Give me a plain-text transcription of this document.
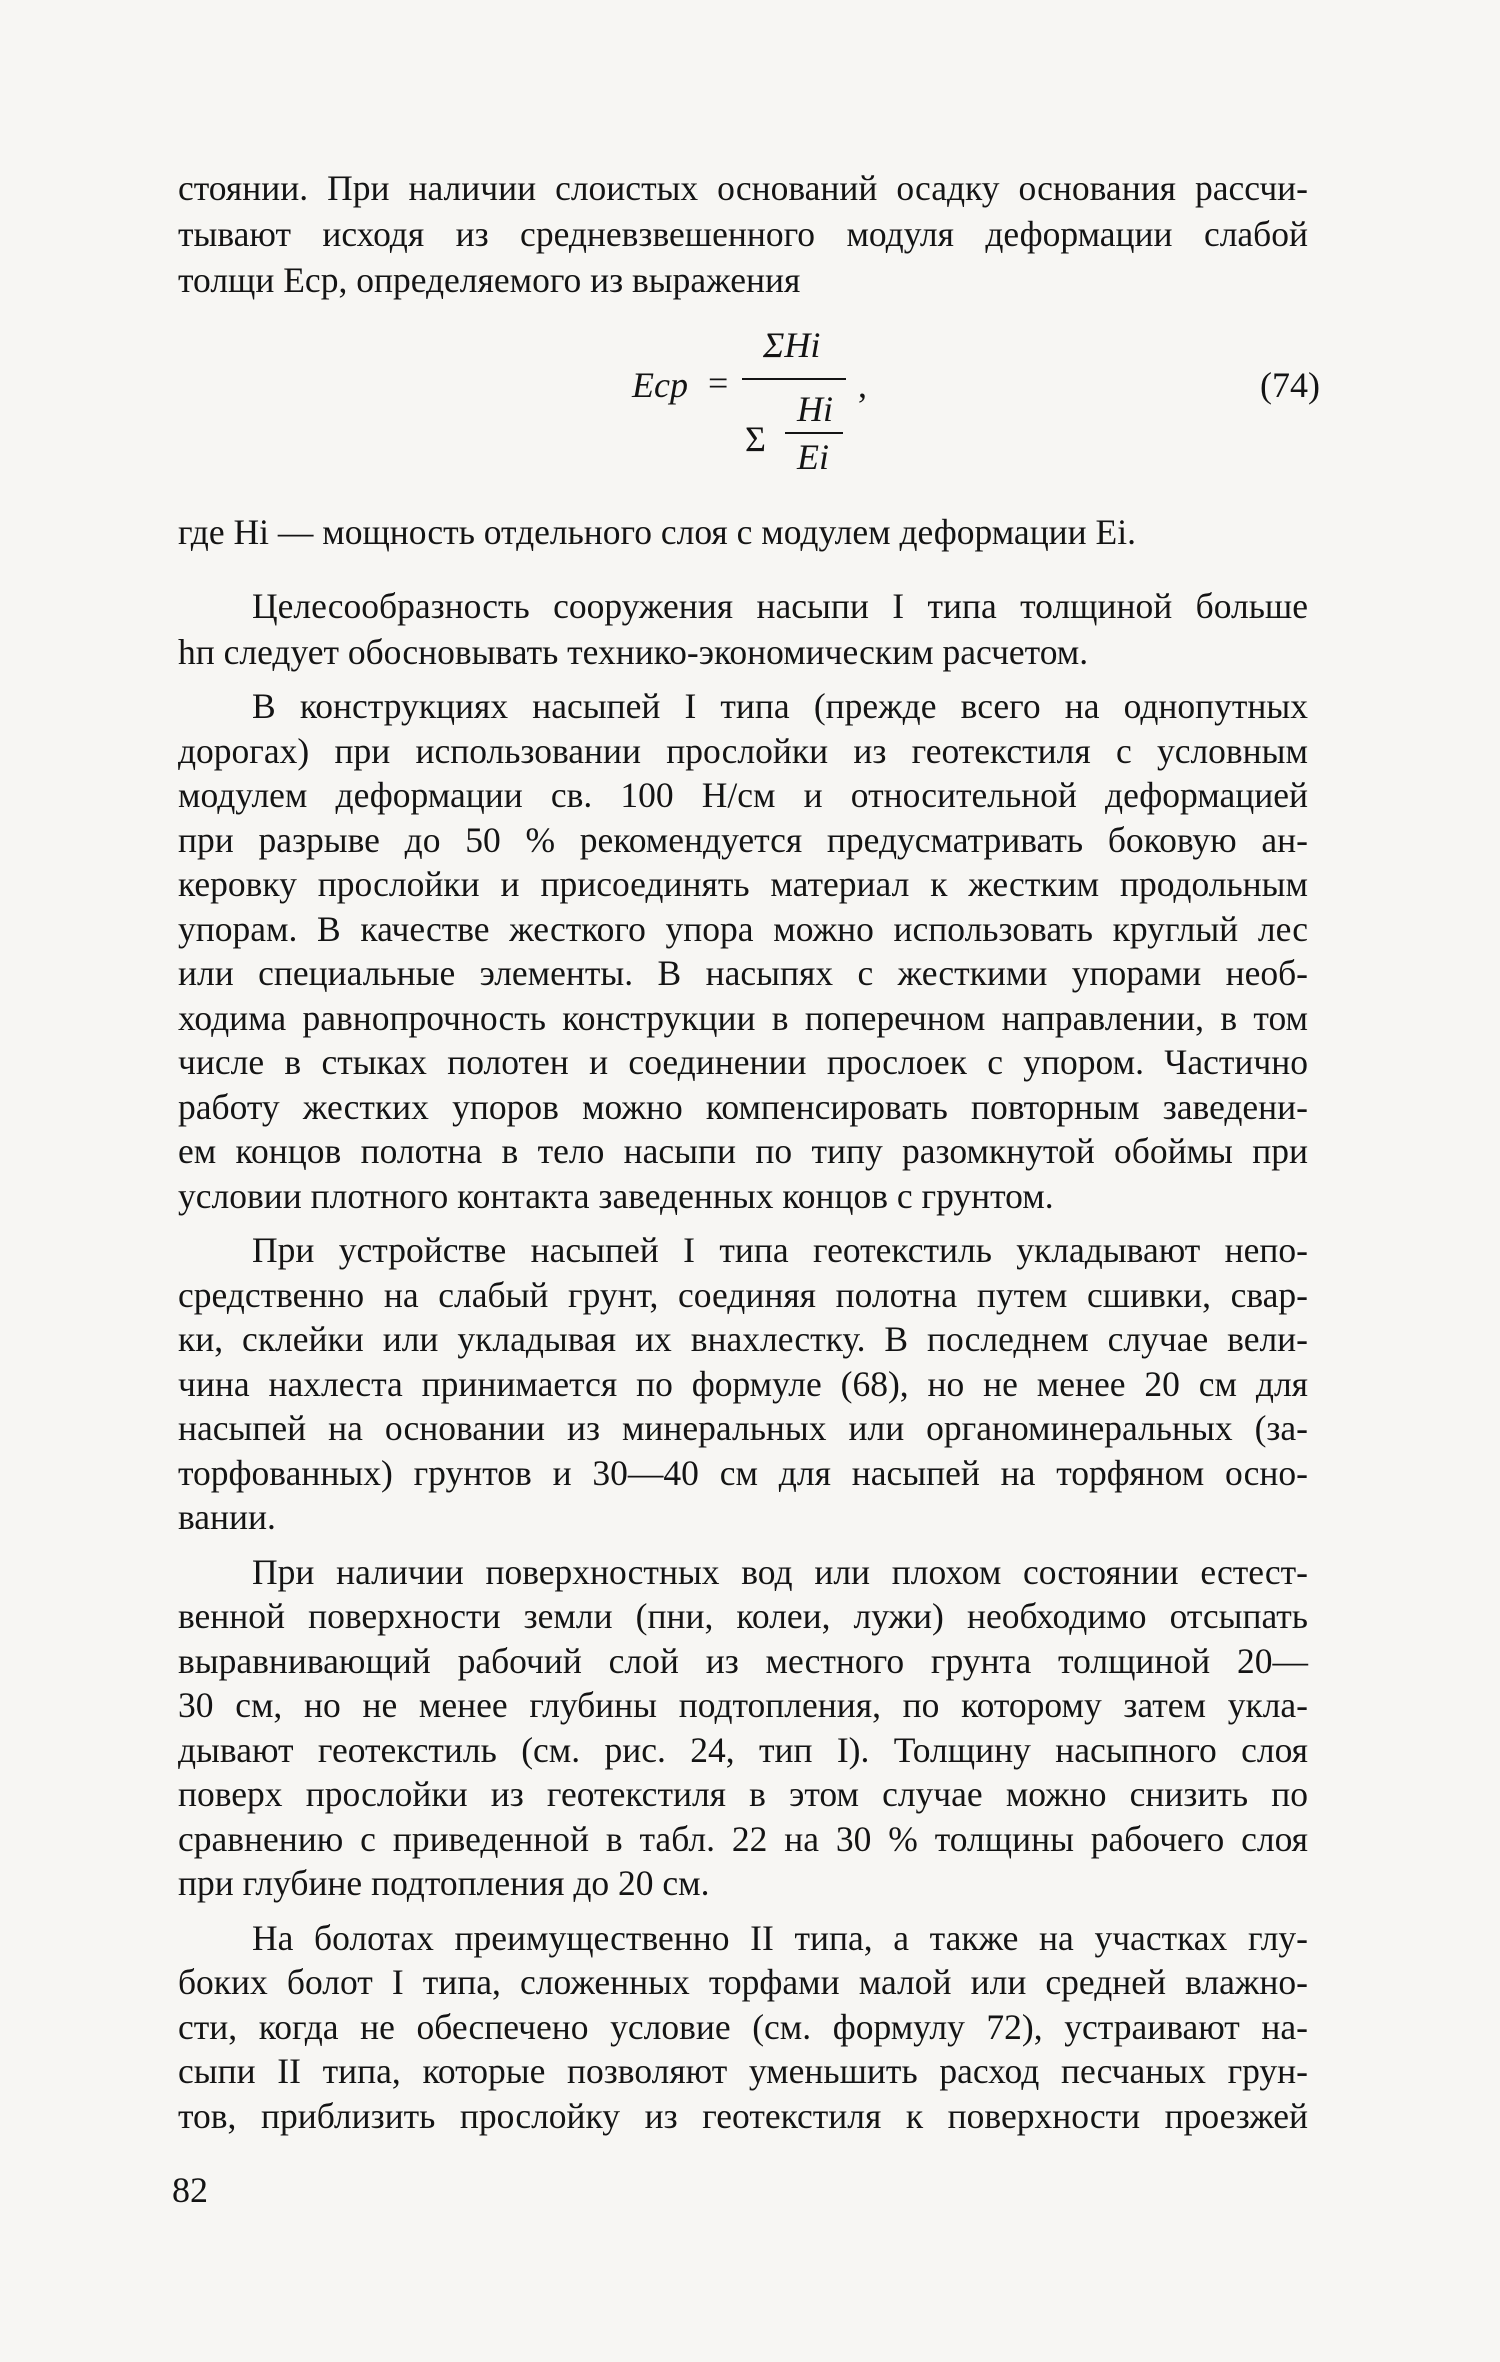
стоянии. При наличии слоистых оснований осадку основания рассчи-
тывают исходя из средневзвешенного модуля деформации слабой
толщи Eср, определяемого из выражения
Eср =
ΣHi
Σ
Hi
Ei
,	(74)
где Hi — мощность отдельного слоя с модулем деформации Ei.
Целесообразность сооружения насыпи I типа толщиной больше
hп следует обосновывать технико-экономическим расчетом.
В конструкциях насыпей I типа (прежде всего на однопутных
дорогах) при использовании прослойки из геотекстиля с условным
модулем деформации св. 100 Н/см и относительной деформацией
при разрыве до 50 % рекомендуется предусматривать боковую ан-
керовку прослойки и присоединять материал к жестким продольным
упорам. В качестве жесткого упора можно использовать круглый лес
или специальные элементы. В насыпях с жесткими упорами необ-
ходима равнопрочность конструкции в поперечном направлении, в том
числе в стыках полотен и соединении прослоек с упором. Частично
работу жестких упоров можно компенсировать повторным заведени-
ем концов полотна в тело насыпи по типу разомкнутой обоймы при
условии плотного контакта заведенных концов с грунтом.
При устройстве насыпей I типа геотекстиль укладывают непо-
средственно на слабый грунт, соединяя полотна путем сшивки, свар-
ки, склейки или укладывая их внахлестку. В последнем случае вели-
чина нахлеста принимается по формуле (68), но не менее 20 см для
насыпей на основании из минеральных или органоминеральных (за-
торфованных) грунтов и 30—40 см для насыпей на торфяном осно-
вании.
При наличии поверхностных вод или плохом состоянии естест-
венной поверхности земли (пни, колеи, лужи) необходимо отсыпать
выравнивающий рабочий слой из местного грунта толщиной 20—
30 см, но не менее глубины подтопления, по которому затем укла-
дывают геотекстиль (см. рис. 24, тип I). Толщину насыпного слоя
поверх прослойки из геотекстиля в этом случае можно снизить по
сравнению с приведенной в табл. 22 на 30 % толщины рабочего слоя
при глубине подтопления до 20 см.
На болотах преимущественно II типа, а также на участках глу-
боких болот I типа, сложенных торфами малой или средней влажно-
сти, когда не обеспечено условие (см. формулу 72), устраивают на-
сыпи II типа, которые позволяют уменьшить расход песчаных грун-
тов, приблизить прослойку из геотекстиля к поверхности проезжей
82
